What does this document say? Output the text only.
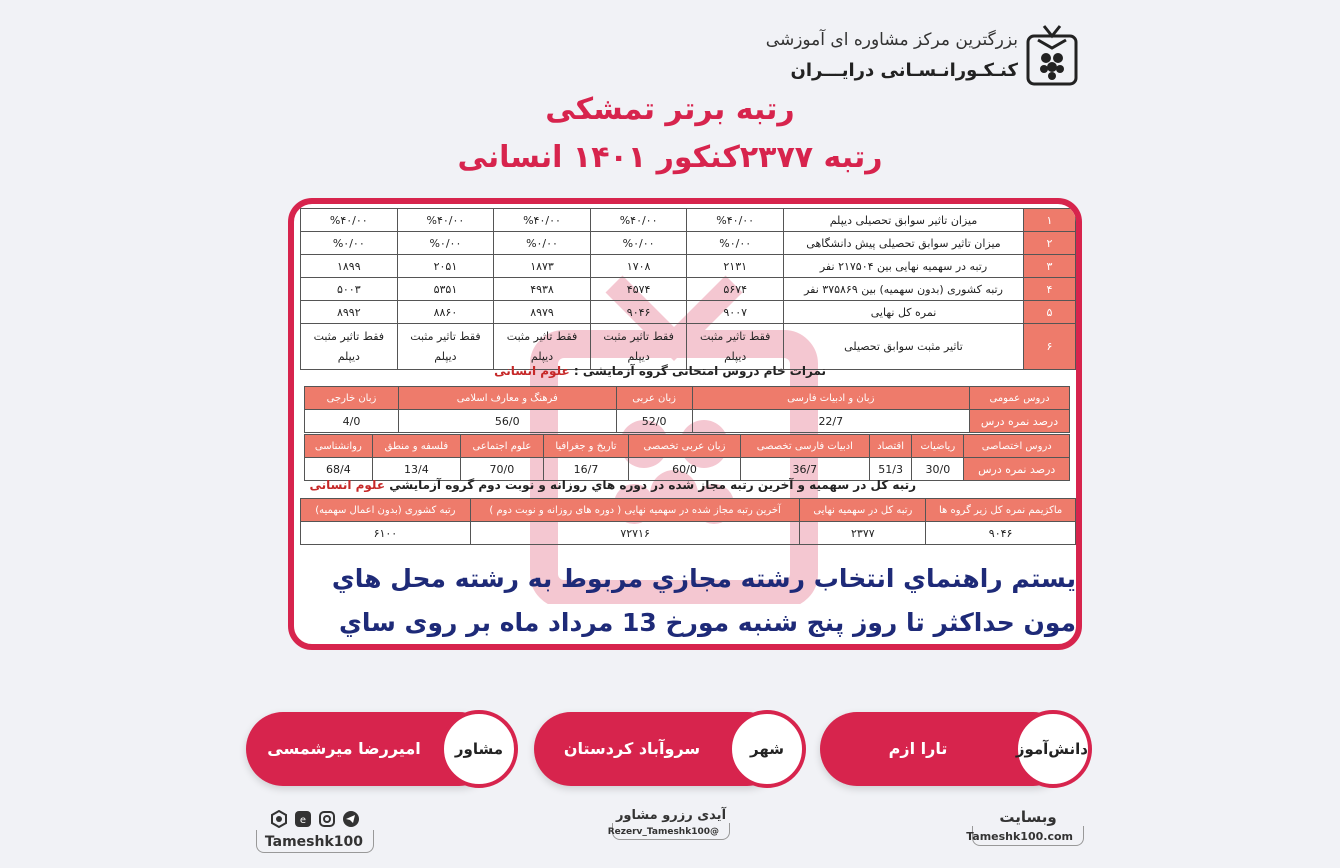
بزرگترین مرکز مشاوره ای آموزشی
کنـکـورانـسـانی درایـــران
رتبه برتر تمشکی
رتبه ۲۳۷۷کنکور ۱۴۰۱ انسانی
۱	میزان تاثیر سوابق تحصیلی دیپلم	%۴۰/۰۰	%۴۰/۰۰	%۴۰/۰۰	%۴۰/۰۰	%۴۰/۰۰
۲	میزان تاثیر سوابق تحصیلی پیش دانشگاهی	%۰/۰۰	%۰/۰۰	%۰/۰۰	%۰/۰۰	%۰/۰۰
۳	رتبه در سهمیه نهایی بین ۲۱۷۵۰۴ نفر	۲۱۳۱	۱۷۰۸	۱۸۷۳	۲۰۵۱	۱۸۹۹
۴	رتبه کشوری (بدون سهمیه) بین ۳۷۵۸۶۹ نفر	۵۶۷۴	۴۵۷۴	۴۹۳۸	۵۳۵۱	۵۰۰۳
۵	نمره کل نهایی	۹۰۰۷	۹۰۴۶	۸۹۷۹	۸۸۶۰	۸۹۹۲
۶	تاثیر مثبت سوابق تحصیلی	فقط تاثیر مثبت دیپلم	فقط تاثیر مثبت دیپلم	فقط تاثیر مثبت دیپلم	فقط تاثیر مثبت دیپلم	فقط تاثیر مثبت دیپلم
نمرات خام دروس امتحانی گروه آزمایشی : علوم انسانی
دروس عمومی	زبان و ادبیات فارسی	زبان عربی	فرهنگ و معارف اسلامی	زبان خارجی
درصد نمره درس	22/7	52/0	56/0	4/0
دروس اختصاصی	ریاضیات	اقتصاد	ادبیات فارسی تخصصی	زبان عربی تخصصی	تاریخ و جغرافیا	علوم اجتماعی	فلسفه و منطق	روانشناسی
درصد نمره درس	30/0	51/3	36/7	60/0	16/7	70/0	13/4	68/4
رتبه کل در سهمیه و آخرین رتبه مجاز شده در دوره هاي روزانه و نوبت دوم گروه آزمايشي علوم انسانی
ماکزیمم نمره کل زیر گروه ها	رتبه کل در سهمیه نهایی	آخرین رتبه مجاز شده در سهمیه نهایی ( دوره های روزانه و نوبت دوم )	رتبه کشوری (بدون اعمال سهمیه)
۹۰۴۶	۲۳۷۷	۷۲۷۱۶	۶۱۰۰
یستم راهنماي انتخاب رشته مجازي مربوط به رشته محل هاي
مون حداكثر تا روز پنج شنبه مورخ 13 مرداد ماه بر روى ساي
تارا ازم	دانش‌آموز
سروآباد کردستان	شهر
امیررضا میرشمسی	مشاور
وبسایت
Tameshk100.com
آیدی رزرو مشاور
@Rezerv_Tameshk100
e
Tameshk100
